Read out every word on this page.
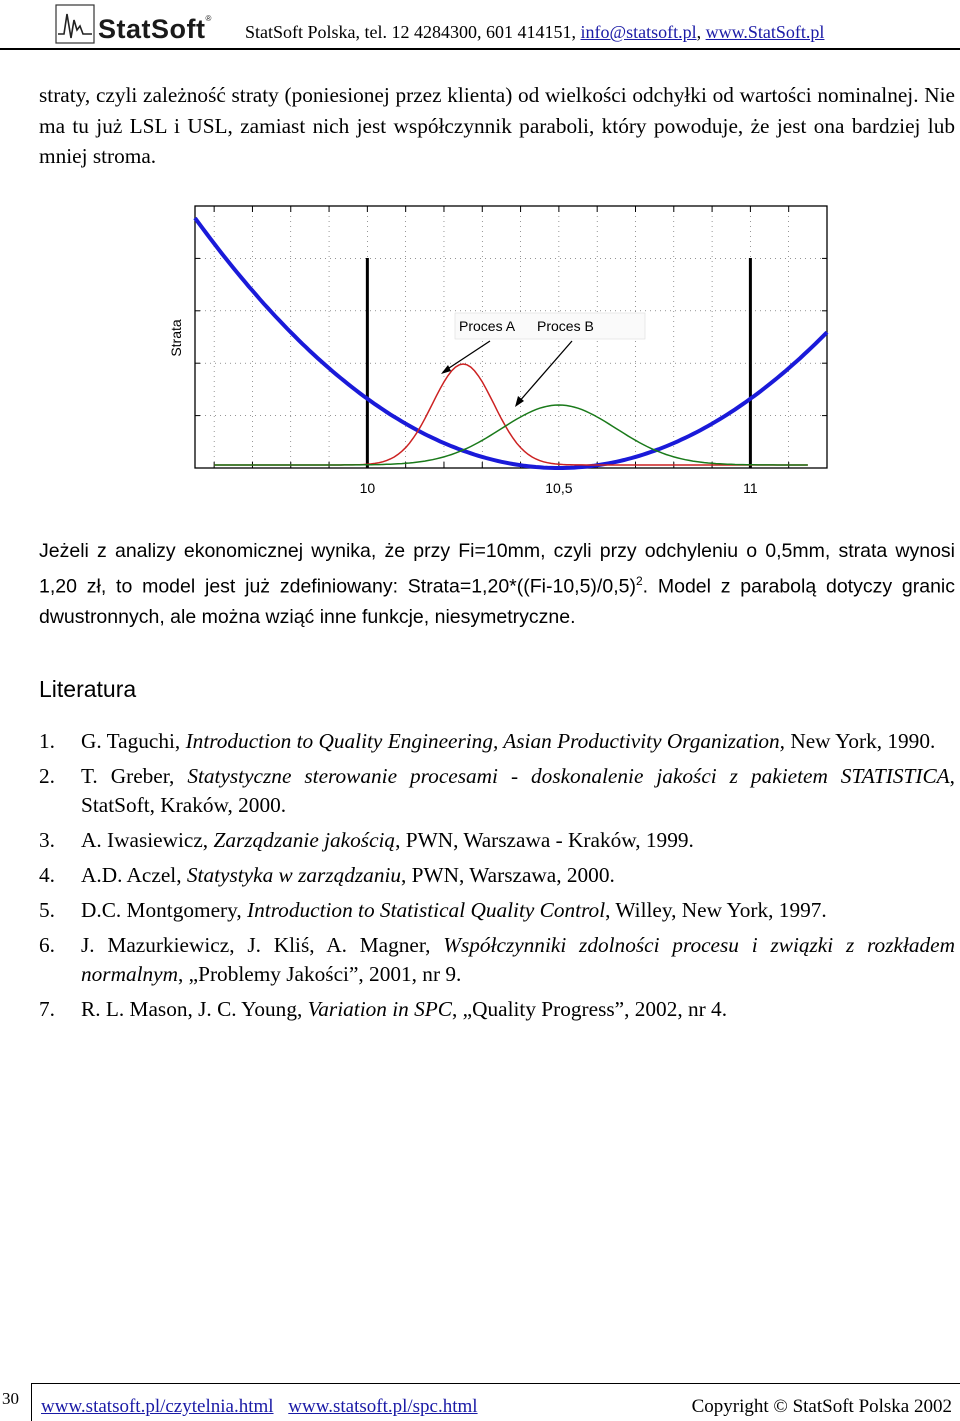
StatSoft®
StatSoft Polska, tel. 12 4284300, 601 414151, info@statsoft.pl, www.StatSoft.pl

straty, czyli zależność straty (poniesionej przez klienta) od wielkości odchyłki od wartości nominalnej. Nie ma tu już LSL i USL, zamiast nich jest współczynnik paraboli, który powoduje, że jest ona bardziej lub mniej stroma.

10	10,5	11
Strata	Proces A Proces B

Jeżeli z analizy ekonomicznej wynika, że przy Fi=10mm, czyli przy odchyleniu o 0,5mm, strata wynosi 1,20 zł, to model jest już zdefiniowany: $Strata=1,20*((Fi-10,5)/0,5)^2$. Model z parabolą dotyczy granic dwustronnych, ale można wziąć inne funkcje, niesymetryczne.

Literatura
1. G. Taguchi, Introduction to Quality Engineering, Asian Productivity Organization, New York, 1990.
2. T. Greber, Statystyczne sterowanie procesami - doskonalenie jakości z pakietem STATISTICA, StatSoft, Kraków, 2000.
3. A. Iwasiewicz, Zarządzanie jakością, PWN, Warszawa - Kraków, 1999.
4. A.D. Aczel, Statystyka w zarządzaniu, PWN, Warszawa, 2000.
5. D.C. Montgomery, Introduction to Statistical Quality Control, Willey, New York, 1997.
6. J. Mazurkiewicz, J. Kliś, A. Magner, Współczynniki zdolności procesu i związki z rozkładem normalnym, „Problemy Jakości”, 2001, nr 9.
7. R. L. Mason, J. C. Young, Variation in SPC, „Quality Progress”, 2002, nr 4.
30 www.statsoft.pl/czytelnia.html www.statsoft.pl/spc.html	Copyright © StatSoft Polska 2002
